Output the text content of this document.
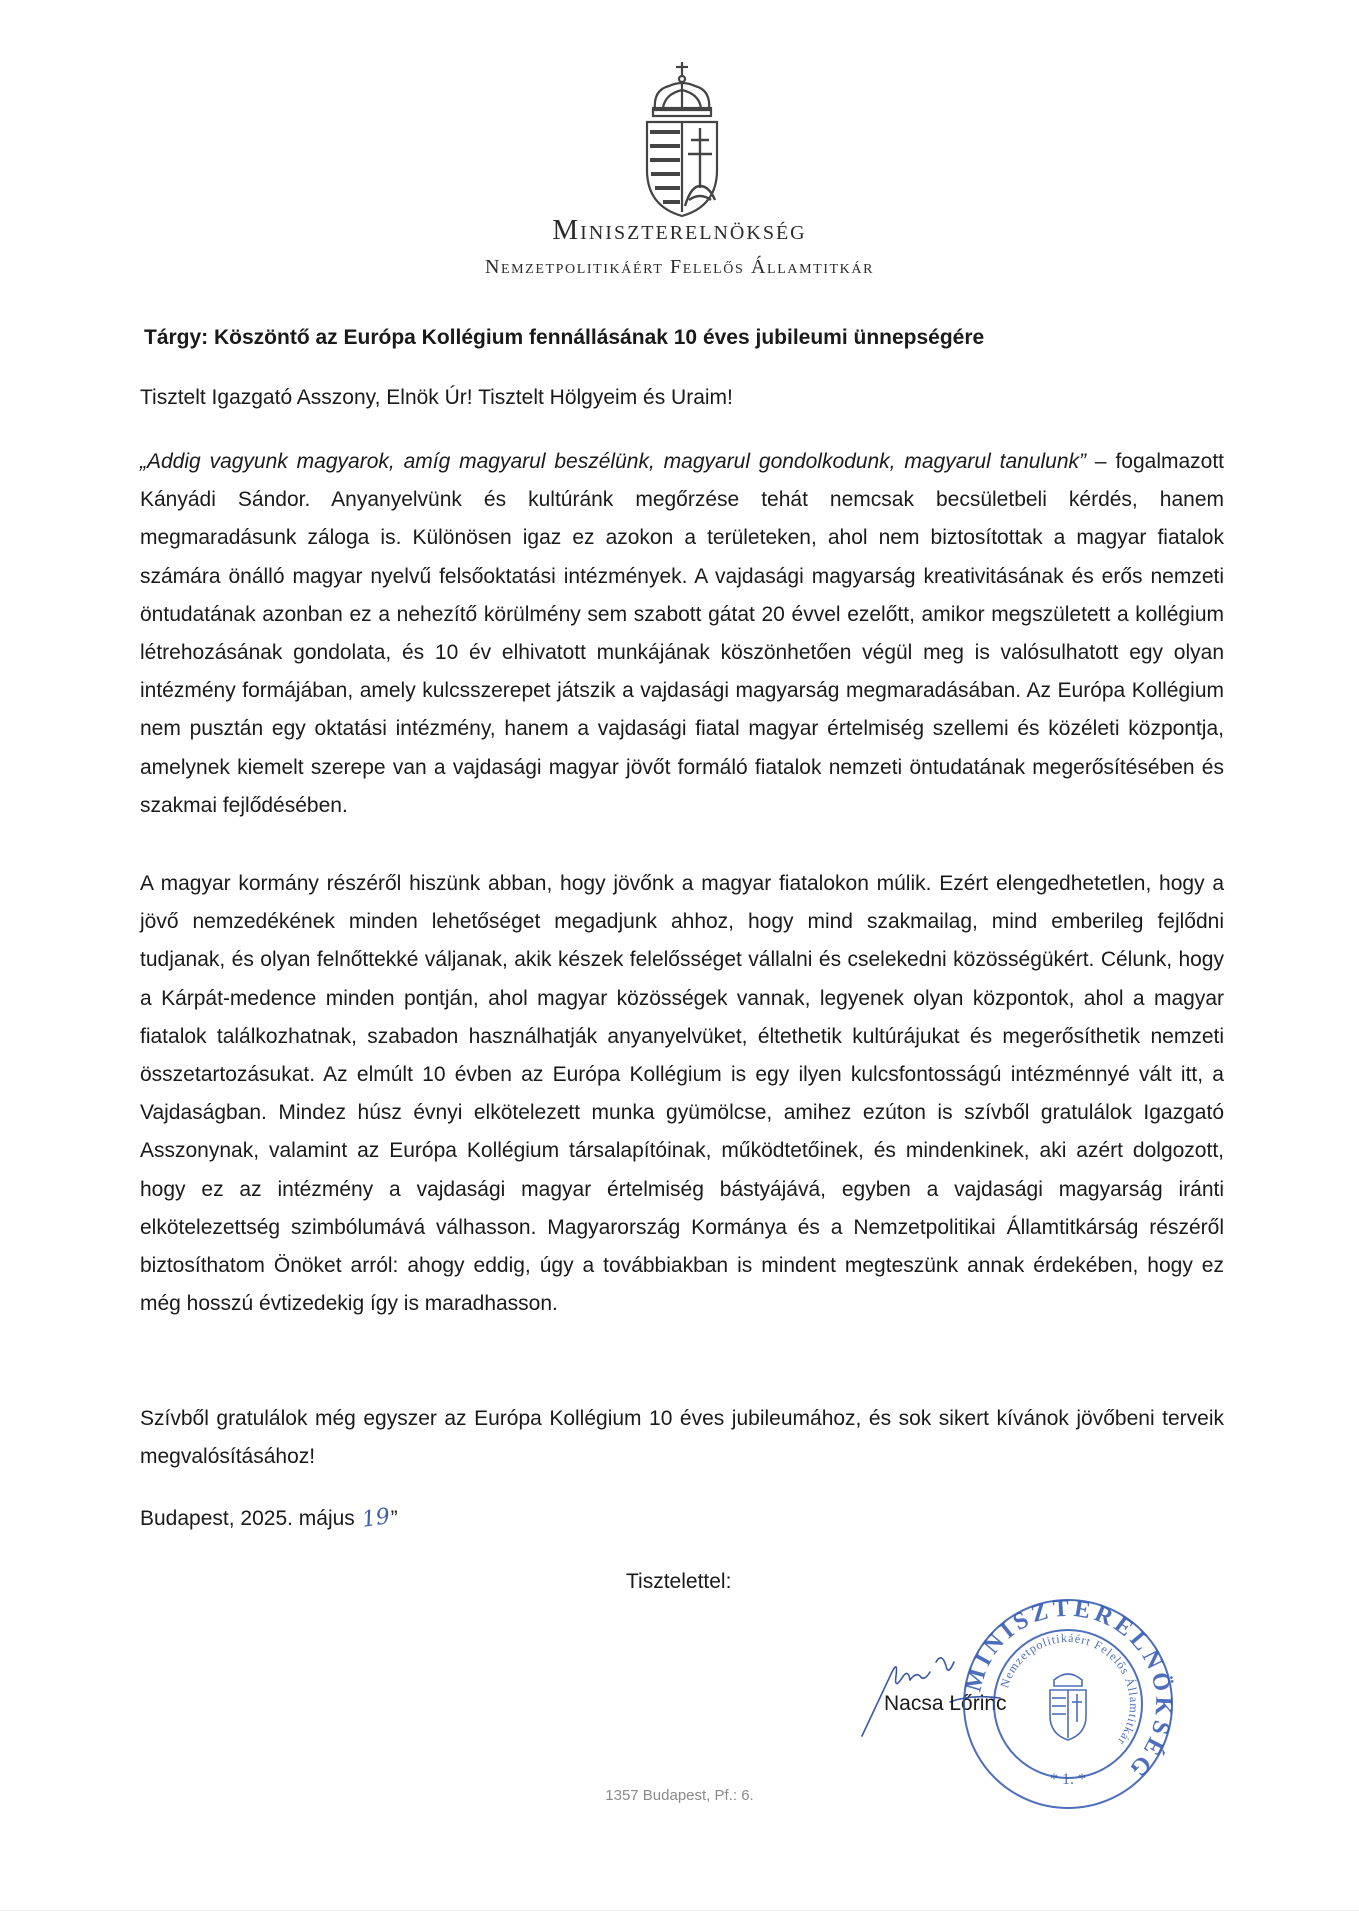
Miniszterelnökség
Nemzetpolitikáért Felelős Államtitkár
Tárgy: Köszöntő az Európa Kollégium fennállásának 10 éves jubileumi ünnepségére
Tisztelt Igazgató Asszony, Elnök Úr! Tisztelt Hölgyeim és Uraim!
„Addig vagyunk magyarok, amíg magyarul beszélünk, magyarul gondolkodunk, magyarul tanulunk” – fogalmazott Kányádi Sándor. Anyanyelvünk és kultúránk megőrzése tehát nemcsak becsületbeli kérdés, hanem megmaradásunk záloga is. Különösen igaz ez azokon a területeken, ahol nem biztosítottak a magyar fiatalok számára önálló magyar nyelvű felsőoktatási intézmények. A vajdasági magyarság kreativitásának és erős nemzeti öntudatának azonban ez a nehezítő körülmény sem szabott gátat 20 évvel ezelőtt, amikor megszületett a kollégium létrehozásának gondolata, és 10 év elhivatott munkájának köszönhetően végül meg is valósulhatott egy olyan intézmény formájában, amely kulcsszerepet játszik a vajdasági magyarság megmaradásában. Az Európa Kollégium nem pusztán egy oktatási intézmény, hanem a vajdasági fiatal magyar értelmiség szellemi és közéleti központja, amelynek kiemelt szerepe van a vajdasági magyar jövőt formáló fiatalok nemzeti öntudatának megerősítésében és szakmai fejlődésében.
A magyar kormány részéről hiszünk abban, hogy jövőnk a magyar fiatalokon múlik. Ezért elengedhetetlen, hogy a jövő nemzedékének minden lehetőséget megadjunk ahhoz, hogy mind szakmailag, mind emberileg fejlődni tudjanak, és olyan felnőttekké váljanak, akik készek felelősséget vállalni és cselekedni közösségükért. Célunk, hogy a Kárpát-medence minden pontján, ahol magyar közösségek vannak, legyenek olyan központok, ahol a magyar fiatalok találkozhatnak, szabadon használhatják anyanyelvüket, éltethetik kultúrájukat és megerősíthetik nemzeti összetartozásukat. Az elmúlt 10 évben az Európa Kollégium is egy ilyen kulcsfontosságú intézménnyé vált itt, a Vajdaságban. Mindez húsz évnyi elkötelezett munka gyümölcse, amihez ezúton is szívből gratulálok Igazgató Asszonynak, valamint az Európa Kollégium társalapítóinak, működtetőinek, és mindenkinek, aki azért dolgozott, hogy ez az intézmény a vajdasági magyar értelmiség bástyájává, egyben a vajdasági magyarság iránti elkötelezettség szimbólumává válhasson. Magyarország Kormánya és a Nemzetpolitikai Államtitkárság részéről biztosíthatom Önöket arról: ahogy eddig, úgy a továbbiakban is mindent megteszünk annak érdekében, hogy ez még hosszú évtizedekig így is maradhasson.
Szívből gratulálok még egyszer az Európa Kollégium 10 éves jubileumához, és sok sikert kívánok jövőbeni terveik megvalósításához!
Budapest, 2025. május 19”
Tisztelettel:
Nacsa Lőrinc
MINISZTERELNÖKSÉG
Nemzetpolitikáért Felelős Államtitkár
* 1. *
1357 Budapest, Pf.: 6.
